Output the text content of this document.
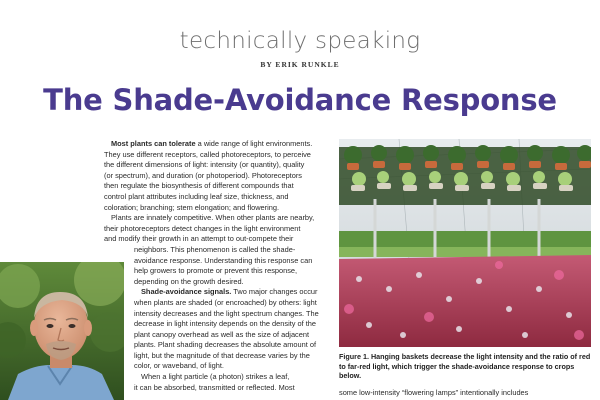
technically speaking
BY ERIK RUNKLE
The Shade-Avoidance Response

Most plants can tolerate a wide range of light environments.
They use different receptors, called photoreceptors, to perceive
the different dimensions of light: intensity (or quantity), quality
(or spectrum), and duration (or photoperiod). Photoreceptors
then regulate the biosynthesis of different compounds that
control plant attributes including leaf size, thickness, and
coloration; branching; stem elongation; and flowering.

Plants are innately competitive. When other plants are nearby,
their photoreceptors detect changes in the light environment
and modify their growth in an attempt to out-compete their
neighbors. This phenomenon is called the shade-
avoidance response. Understanding this response can
help growers to promote or prevent this response,
depending on the growth desired.

Shade-avoidance signals. Two major changes occur
when plants are shaded (or encroached) by others: light
intensity decreases and the light spectrum changes. The
decrease in light intensity depends on the density of the
plant canopy overhead as well as the size of adjacent
plants. Plant shading decreases the absolute amount of
light, but the magnitude of that decrease varies by the
color, or waveband, of light.

When a light particle (a photon) strikes a leaf,
it can be absorbed, transmitted or reflected. Most

Figure 1. Hanging baskets decrease the light intensity and the ratio of red to far-red light, which trigger the shade-avoidance response to crops below.
some low-intensity “flowering lamps” intentionally includes
